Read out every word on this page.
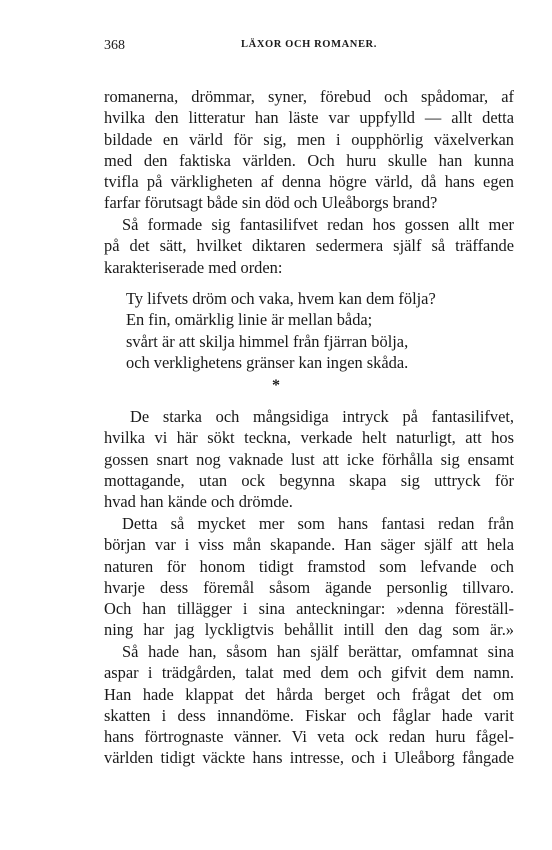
368	LÄXOR OCH ROMANER.
romanerna, drömmar, syner, förebud och spådomar, af
hvilka den litteratur han läste var uppfylld — allt detta
bildade en värld för sig, men i oupphörlig växelverkan
med den faktiska världen. Och huru skulle han kunna
tvifla på värkligheten af denna högre värld, då hans egen
farfar förutsagt både sin död och Uleåborgs brand?
Så formade sig fantasilifvet redan hos gossen allt mer
på det sätt, hvilket diktaren sedermera själf så träffande
karakteriserade med orden:
Ty lifvets dröm och vaka, hvem kan dem följa?
En fin, omärklig linie är mellan båda;
svårt är att skilja himmel från fjärran bölja,
och verklighetens gränser kan ingen skåda.
*
De starka och mångsidiga intryck på fantasilifvet,
hvilka vi här sökt teckna, verkade helt naturligt, att hos
gossen snart nog vaknade lust att icke förhålla sig ensamt
mottagande, utan ock begynna skapa sig uttryck för
hvad han kände och drömde.
Detta så mycket mer som hans fantasi redan från
början var i viss mån skapande. Han säger själf att hela
naturen för honom tidigt framstod som lefvande och
hvarje dess föremål såsom ägande personlig tillvaro.
Och han tillägger i sina anteckningar: »denna föreställ-
ning har jag lyckligtvis behållit intill den dag som är.»
Så hade han, såsom han själf berättar, omfamnat sina
aspar i trädgården, talat med dem och gifvit dem namn.
Han hade klappat det hårda berget och frågat det om
skatten i dess innandöme. Fiskar och fåglar hade varit
hans förtrognaste vänner. Vi veta ock redan huru fågel-
världen tidigt väckte hans intresse, och i Uleåborg fångade
